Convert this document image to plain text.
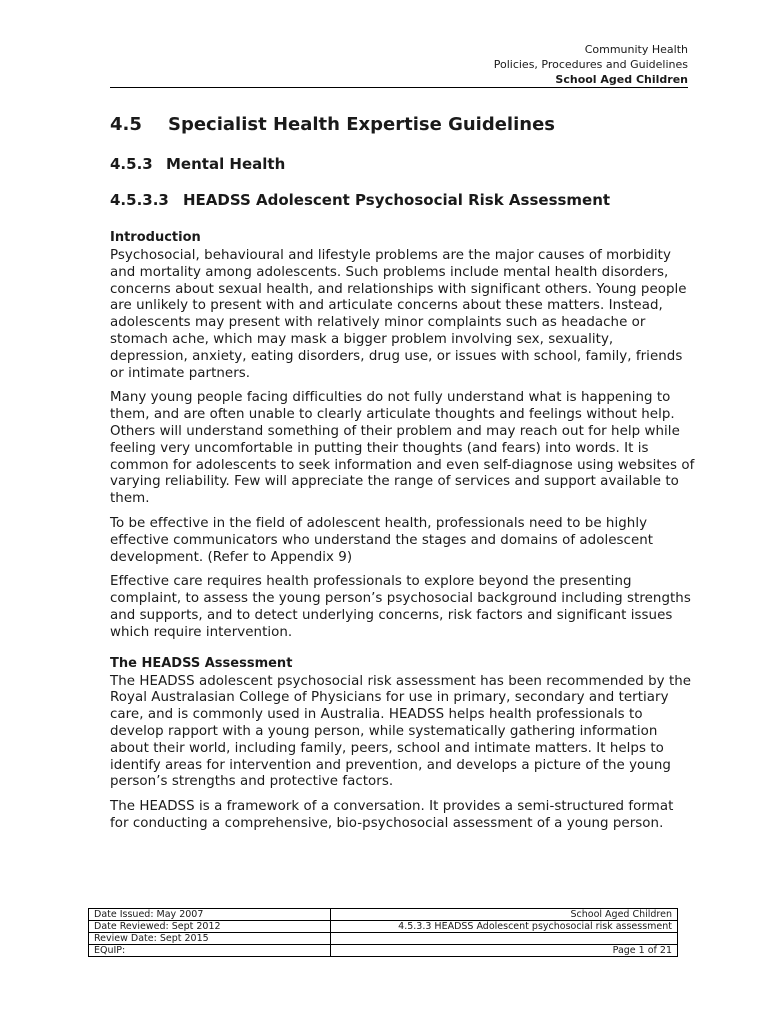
Community Health
Policies, Procedures and Guidelines
School Aged Children
4.5 Specialist Health Expertise Guidelines
4.5.3 Mental Health
4.5.3.3 HEADSS Adolescent Psychosocial Risk Assessment
Introduction

Psychosocial, behavioural and lifestyle problems are the major causes of morbidity and mortality among adolescents. Such problems include mental health disorders, concerns about sexual health, and relationships with significant others. Young people are unlikely to present with and articulate concerns about these matters. Instead, adolescents may present with relatively minor complaints such as headache or stomach ache, which may mask a bigger problem involving sex, sexuality, depression, anxiety, eating disorders, drug use, or issues with school, family, friends or intimate partners.

Many young people facing difficulties do not fully understand what is happening to them, and are often unable to clearly articulate thoughts and feelings without help. Others will understand something of their problem and may reach out for help while feeling very uncomfortable in putting their thoughts (and fears) into words. It is common for adolescents to seek information and even self-diagnose using websites of varying reliability. Few will appreciate the range of services and support available to them.

To be effective in the field of adolescent health, professionals need to be highly effective communicators who understand the stages and domains of adolescent development. (Refer to Appendix 9)

Effective care requires health professionals to explore beyond the presenting complaint, to assess the young person’s psychosocial background including strengths and supports, and to detect underlying concerns, risk factors and significant issues which require intervention.

The HEADSS Assessment

The HEADSS adolescent psychosocial risk assessment has been recommended by the Royal Australasian College of Physicians for use in primary, secondary and tertiary care, and is commonly used in Australia. HEADSS helps health professionals to develop rapport with a young person, while systematically gathering information about their world, including family, peers, school and intimate matters. It helps to identify areas for intervention and prevention, and develops a picture of the young person’s strengths and protective factors.

The HEADSS is a framework of a conversation. It provides a semi-structured format for conducting a comprehensive, bio-psychosocial assessment of a young person.

Date Issued: May 2007	School Aged Children
Date Reviewed: Sept 2012	4.5.3.3 HEADSS Adolescent psychosocial risk assessment
Review Date: Sept 2015	
EQuIP:	Page 1 of 21
